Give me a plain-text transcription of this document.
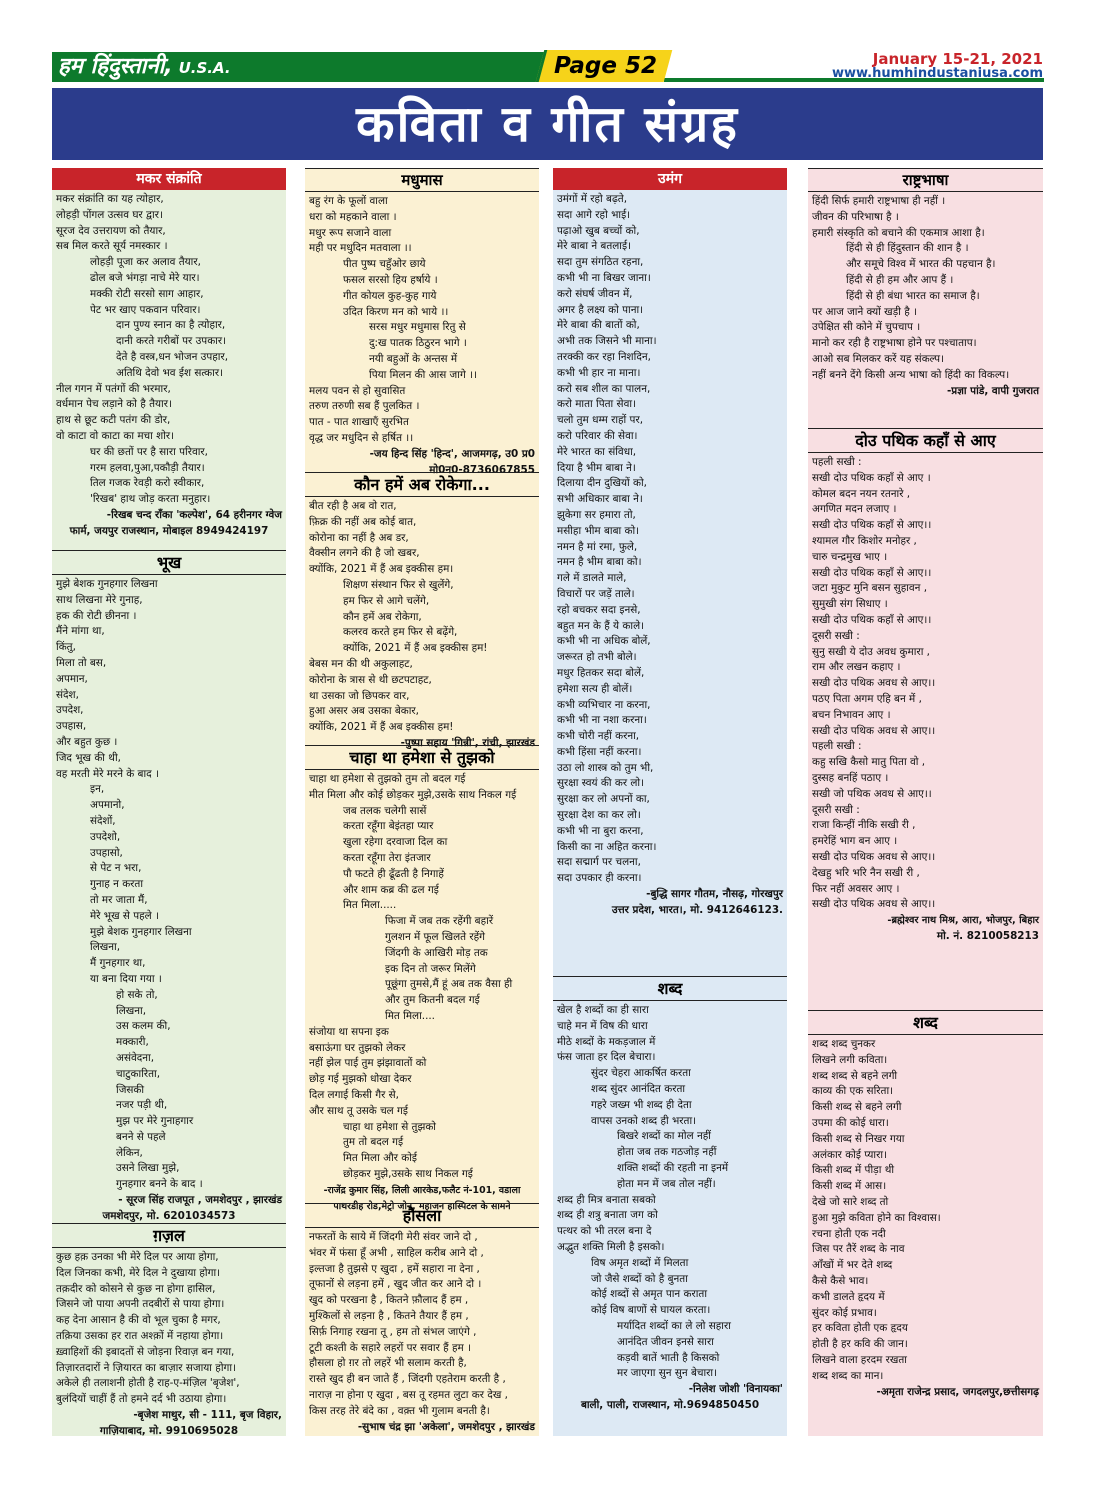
हम हिंदुस्तानी, U.S.A.	Page 52	January 15-21, 2021
www.humhindustaniusa.com
कविता व गीत संग्रह
मकर संक्रांति
मकर संक्रांति का यह त्योहार,
लोहड़ी पोंगल उत्सव घर द्वार।
सूरज देव उत्तरायण को तैयार,
सब मिल करते सूर्य नमस्कार ।
लोहड़ी पूजा कर अलाव तैयार,
ढोल बजे भंगड़ा नाचे मेरे यार।
मक्की रोटी सरसो साग आहार,
पेट भर खाए पकवान परिवार।
दान पुण्य स्नान का है त्योहार,
दानी करते गरीबों पर उपकार।
देते है वस्त्र,धन भोजन उपहार,
अतिथि देवो भव ईश सत्कार।
नील गगन में पतंगों की भरमार,
वर्धमान पेच लड़ाने को है तैयार।
हाथ से छूट कटी पतंग की डोर,
वो काटा वो काटा का मचा शोर।
घर की छतों पर है सारा परिवार,
गरम हलवा,पुआ,पकौड़ी तैयार।
तिल गजक रेवड़ी करो स्वीकार,
'रिखब' हाथ जोड़ करता मनुहार।
-रिखब चन्द राँका 'कल्पेश', 64 हरीनगर ग्वेज
फार्म, जयपुर राजस्थान, मोबाइल 8949424197
भूख
मुझे बेशक गुनहगार लिखना
साथ लिखना मेरे गुनाह,
हक की रोटी छीनना ।
मैंने मांगा था,
किंतु,
मिला तो बस,
अपमान,
संदेश,
उपदेश,
उपहास,
और बहुत कुछ ।
जिद भूख की थी,
वह मरती मेरे मरने के बाद ।
इन,
अपमानो,
संदेशों,
उपदेशो,
उपहासो,
से पेट न भरा,
गुनाह न करता
तो मर जाता मैं,
मेरे भूख से पहले ।
मुझे बेशक गुनहगार लिखना
लिखना,
मैं गुनहगार था,
या बना दिया गया ।
हो सके तो,
लिखना,
उस कलम की,
मक्कारी,
असंवेदना,
चाटुकारिता,
जिसकी
नजर पड़ी थी,
मुझ पर मेरे गुनाहगार
बनने से पहले
लेकिन,
उसने लिखा मुझे,
गुनहगार बनने के बाद ।
- सूरज सिंह राजपूत , जमशेदपुर , झारखंड
जमशेदपुर, मो. 6201034573
ग़ज़ल
कुछ हक़ उनका भी मेरे दिल पर आया होगा,
दिल जिनका कभी, मेरे दिल ने दुखाया होगा।
तक़दीर को कोसने से कुछ ना होगा हासिल,
जिसने जो पाया अपनी तदबीरों से पाया होगा।
कह देना आसान है की वो भूल चुका है मगर,
तक़िया उसका हर रात अश्क़ों में नहाया होगा।
ख़्वाहिशों की इबादतों से जोड़ना रिवाज़ बन गया,
तिज़ारतदारों ने ज़ियारत का बाज़ार सजाया होगा।
अकेले ही तलाशनी होती है राह-ए-मंज़िल 'बृजेश',
बुलंदियों चाहीं हैं तो हमने दर्द भी उठाया होगा।
-बृजेश माथुर, सी - 111, बृज विहार,
गाज़ियाबाद, मो. 9910695028
मधुमास
बहु रंग के फूलों वाला
धरा को महकाने वाला ।
मधुर रूप सजाने वाला
मही पर मधुदिन मतवाला ।।
पीत पुष्प चहुँओर छाये
फसल सरसो हिय हर्षाये ।
गीत कोयल कुह-कुह गाये
उदित किरण मन को भाये ।।
सरस मधुर मधुमास रितु से
दु:ख पातक ठिठुरन भागे ।
नयी बहुओं के अन्तस में
पिया मिलन की आस जागे ।।
मलय पवन से हो सुवासित
तरुण तरुणी सब हैं पुलकित ।
पात - पात शाखाएँ सुरभित
वृद्ध जर मधुदिन से हर्षित ।।
-जय हिन्द सिंह 'हिन्द', आजमगढ़, उ0 प्र0
मो0न0-8736067855
कौन हमें अब रोकेगा...
बीत रही है अब वो रात,
फ़िक्र की नहीं अब कोई बात,
कोरोना का नहीं है अब डर,
वैक्सीन लगने की है जो खबर,
क्योंकि, 2021 में हैं अब इक्कीस हम।
शिक्षण संस्थान फिर से खुलेंगे,
हम फिर से आगे चलेंगे,
कौन हमें अब रोकेगा,
कलरव करते हम फिर से बढ़ेंगे,
क्योंकि, 2021 में हैं अब इक्कीस हम!
बेबस मन की थी अकुलाहट,
कोरोना के त्रास से थी छटपटाहट,
था उसका जो छिपकर वार,
हुआ असर अब उसका बेकार,
क्योंकि, 2021 में हैं अब इक्कीस हम!
-पुष्पा सहाय 'गिन्नी', रांची, झारखंड
चाहा था हमेशा से तुझको
चाहा था हमेशा से तुझको तुम तो बदल गई
मीत मिला और कोई छोड़कर मुझे,उसके साथ निकल गई
जब तलक चलेगी सासें
करता रहूँगा बेइंतहा प्यार
खुला रहेगा दरवाजा दिल का
करता रहूँगा तेरा इंतजार
पौ फटते ही ढूँढती है निगाहें
और शाम कब्र की ढल गई
मित मिला.....
फिजा में जब तक रहेंगी बहारें
गुलशन में फूल खिलते रहेंगे
जिंदगी के आखिरी मोड़ तक
इक दिन तो जरूर मिलेंगे
पूछूंगा तुमसे,मैं हूं अब तक वैसा ही
और तुम कितनी बदल गई
मित मिला....
संजोया था सपना इक
बसाऊंगा घर तुझको लेकर
नहीं झेल पाई तुम झंझावातों को
छोड़ गई मुझको धोखा देकर
दिल लगाई किसी गैर से,
और साथ तू उसके चल गई
चाहा था हमेशा से तुझको
तुम तो बदल गई
मित मिला और कोई
छोड़कर मुझे,उसके साथ निकल गई
-राजेंद्र कुमार सिंह, लिली आरकेड,फलैट नं-101, वडाला
पाथरडीह रोड,मेट्रो जोन, महाजन हास्पिटल के सामने
हौसला
नफरतों के साये में जिंदगी मेरी संवर जाने दो ,
भंवर में फंसा हूँ अभी , साहिल करीब आने दो ,
इल्तजा है तुझसे ए खुदा , हमें सहारा ना देना ,
तूफानों से लड़ना हमें , खुद जीत कर आने दो ।
खुद को परखना है , कितने फ़ौलाद हैं हम ,
मुश्किलों से लड़ना है , कितने तैयार हैं हम ,
सिर्फ़ निगाह रखना तू , हम तो संभल जाएंगे ,
टूटी कश्ती के सहारे लहरों पर सवार हैं हम ।
हौसला हो ग़र तो लहरें भी सलाम करती है,
रास्ते खुद ही बन जाते हैं , जिंदगी एहतेराम करती है ,
नाराज़ ना होना ए खुदा , बस तू रहमत लुटा कर देख ,
किस तरह तेरे बंदे का , वक़्त भी गुलाम बनती है।
-सुभाष चंद्र झा 'अकेला', जमशेदपुर , झारखंड
उमंग
उमंगों में रहो बढ़ते,
सदा आगे रहो भाई।
पढ़ाओ खुब बच्चों को,
मेरे बाबा ने बतलाई।
सदा तुम संगठित रहना,
कभी भी ना बिखर जाना।
करो संघर्ष जीवन में,
अगर है लक्ष्य को पाना।
मेरे बाबा की बातों को,
अभी तक जिसने भी माना।
तरक्की कर रहा निशदिन,
कभी भी हार ना माना।
करो सब शील का पालन,
करो माता पिता सेवा।
चलो तुम धम्म राहों पर,
करो परिवार की सेवा।
मेरे भारत का संविधा,
दिया है भीम बाबा ने।
दिलाया दीन दुखियों को,
सभी अधिकार बाबा ने।
झुकेगा सर हमारा तो,
मसीहा भीम बाबा को।
नमन है मां रमा, फुले,
नमन है भीम बाबा को।
गले में डालते माले,
विचारों पर जड़ें ताले।
रहो बचकर सदा इनसे,
बहुत मन के हैं ये काले।
कभी भी ना अधिक बोलें,
जरूरत हो तभी बोले।
मधुर हितकर सदा बोलें,
हमेशा सत्य ही बोलें।
कभी व्यभिचार ना करना,
कभी भी ना नशा करना।
कभी चोरी नहीं करना,
कभी हिंसा नहीं करना।
उठा लो शास्त्र को तुम भी,
सुरक्षा स्वयं की कर लो।
सुरक्षा कर लो अपनों का,
सुरक्षा देश का कर लो।
कभी भी ना बुरा करना,
किसी का ना अहित करना।
सदा सद्मार्ग पर चलना,
सदा उपकार ही करना।
-बुद्धि सागर गौतम, नौसढ़, गोरखपुर
उत्तर प्रदेश, भारत।, मो. 9412646123.
शब्द
खेल है शब्दों का ही सारा
चाहे मन में विष की धारा
मीठे शब्दों के मकड़जाल में
फंस जाता हर दिल बेचारा।
सुंदर चेहरा आकर्षित करता
शब्द सुंदर आनंदित करता
गहरे जख्म भी शब्द ही देता
वापस उनको शब्द ही भरता।
बिखरे शब्दों का मोल नहीं
होता जब तक गठजोड़ नहीं
शक्ति शब्दों की रहती ना इनमें
होता मन में जब तोल नहीं।
शब्द ही मित्र बनाता सबको
शब्द ही शत्रु बनाता जग को
पत्थर को भी तरल बना दे
अद्भुत शक्ति मिली है इसको।
विष अमृत शब्दों में मिलता
जो जैसे शब्दों को है बुनता
कोई शब्दों से अमृत पान कराता
कोई विष बाणों से घायल करता।
मर्यादित शब्दों का ले लो सहारा
आनंदित जीवन इनसे सारा
कड़वी बातें भाती है किसको
मर जाएगा सुन सुन बेचारा।
-निलेश जोशी 'विनायका'
बाली, पाली, राजस्थान, मो.9694850450
राष्ट्रभाषा
हिंदी सिर्फ हमारी राष्ट्रभाषा ही नहीं ।
जीवन की परिभाषा है ।
हमारी संस्कृति को बचाने की एकमात्र आशा है।
हिंदी से ही हिंदुस्तान की शान है ।
और समूचे विश्व में भारत की पहचान है।
हिंदी से ही हम और आप हैं ।
हिंदी से ही बंधा भारत का समाज है।
पर आज जाने क्यों खड़ी है ।
उपेक्षित सी कोने में चुपचाप ।
मानो कर रही है राष्ट्रभाषा होने पर पश्चाताप।
आओ सब मिलकर करें यह संकल्प।
नहीं बनने देंगे किसी अन्य भाषा को हिंदी का विकल्प।
-प्रज्ञा पांडे, वापी गुजरात
दोउ पथिक कहाँ से आए
पहली सखी :
सखी दोउ पथिक कहाँ से आए ।
कोमल बदन नयन रतनारे ,
अगणित मदन लजाए ।
सखी दोउ पथिक कहाँ से आए।।
श्यामल गौर किशोर मनोहर ,
चारु चन्द्रमुख भाए ।
सखी दोउ पथिक कहाँ से आए।।
जटा मुकुट मुनि बसन सुहावन ,
सुमुखी संग सिधाए ।
सखी दोउ पथिक कहाँ से आए।।
दूसरी सखी :
सुनु सखी ये दोउ अवध कुमारा ,
राम और लखन कहाए ।
सखी दोउ पथिक अवध से आए।।
पठए पिता अगम एहि बन में ,
बचन निभावन आए ।
सखी दोउ पथिक अवध से आए।।
पहली सखी :
कहु सखि कैसो मातु पिता वो ,
दुस्सह बनहिं पठाए ।
सखी जो पथिक अवध से आए।।
दूसरी सखी :
राजा किन्हीं नीकि सखी री ,
हमरेहिं भाग बन आए ।
सखी दोउ पथिक अवध से आए।।
देखहु भरि भरि नैन सखी री ,
फिर नहीं अवसर आए ।
सखी दोउ पथिक अवध से आए।।
-ब्रह्मेश्वर नाथ मिश्र, आरा, भोजपुर, बिहार
मो. नं. 8210058213
शब्द
शब्द शब्द चुनकर
लिखने लगी कविता।
शब्द शब्द से बहने लगी
काव्य की एक सरिता।
किसी शब्द से बहने लगी
उपमा की कोई धारा।
किसी शब्द से निखर गया
अलंकार कोई प्यारा।
किसी शब्द में पीड़ा थी
किसी शब्द में आस।
देखे जो सारे शब्द तो
हुआ मुझे कविता होने का विश्वास।
रचना होती एक नदी
जिस पर तैरें शब्द के नाव
आँखों में भर देते शब्द
कैसे कैसे भाव।
कभी डालते हृदय में
सुंदर कोई प्रभाव।
हर कविता होती एक हृदय
होती है हर कवि की जान।
लिखने वाला हरदम रखता
शब्द शब्द का मान।
-अमृता राजेन्द्र प्रसाद, जगदलपुर,छत्तीसगढ़
